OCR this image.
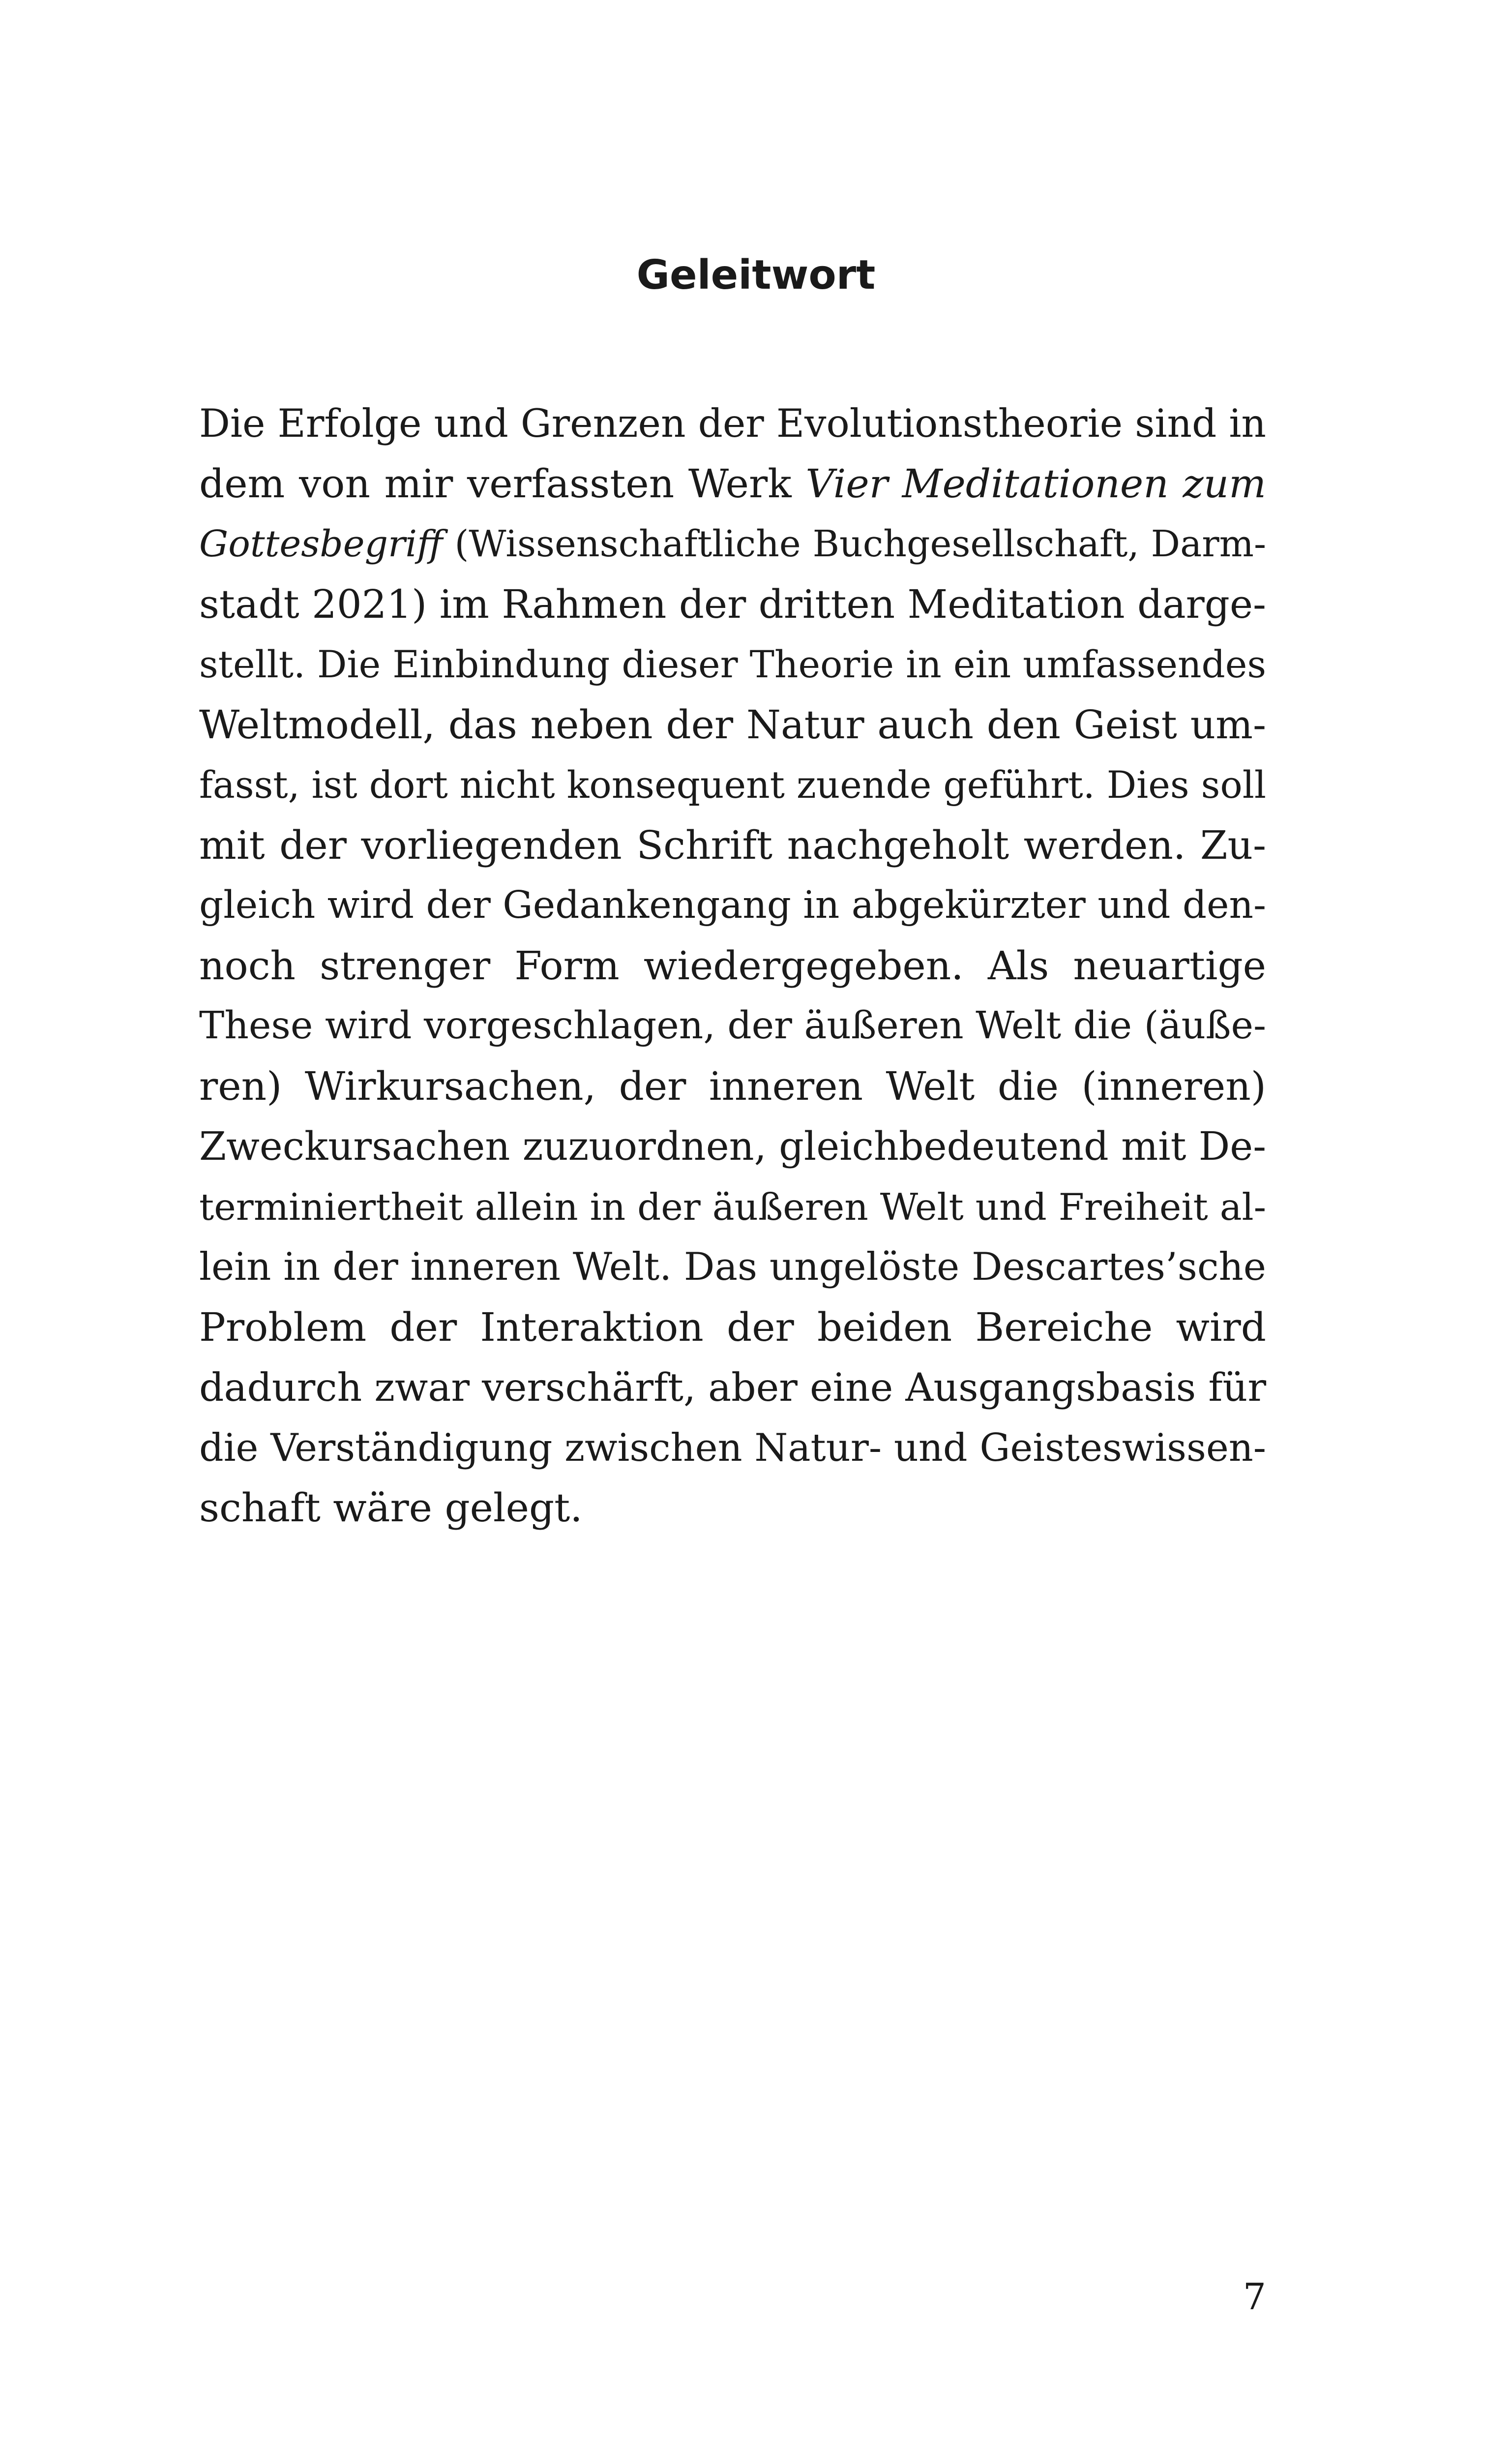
Geleitwort
Die Erfolge und Grenzen der Evolutionstheorie sind in
dem von mir verfassten Werk Vier Meditationen zum
Gottesbegriff (Wissenschaftliche Buchgesellschaft, Darm-
stadt 2021) im Rahmen der dritten Meditation darge-
stellt. Die Einbindung dieser Theorie in ein umfassendes
Weltmodell, das neben der Natur auch den Geist um-
fasst, ist dort nicht konsequent zuende geführt. Dies soll
mit der vorliegenden Schrift nachgeholt werden. Zu-
gleich wird der Gedankengang in abgekürzter und den-
noch strenger Form wiedergegeben. Als neuartige
These wird vorgeschlagen, der äußeren Welt die (äuße-
ren) Wirkursachen, der inneren Welt die (inneren)
Zweckursachen zuzuordnen, gleichbedeutend mit De-
terminiertheit allein in der äußeren Welt und Freiheit al-
lein in der inneren Welt. Das ungelöste Descartes’sche
Problem der Interaktion der beiden Bereiche wird
dadurch zwar verschärft, aber eine Ausgangsbasis für
die Verständigung zwischen Natur- und Geisteswissen-
schaft wäre gelegt.
7
